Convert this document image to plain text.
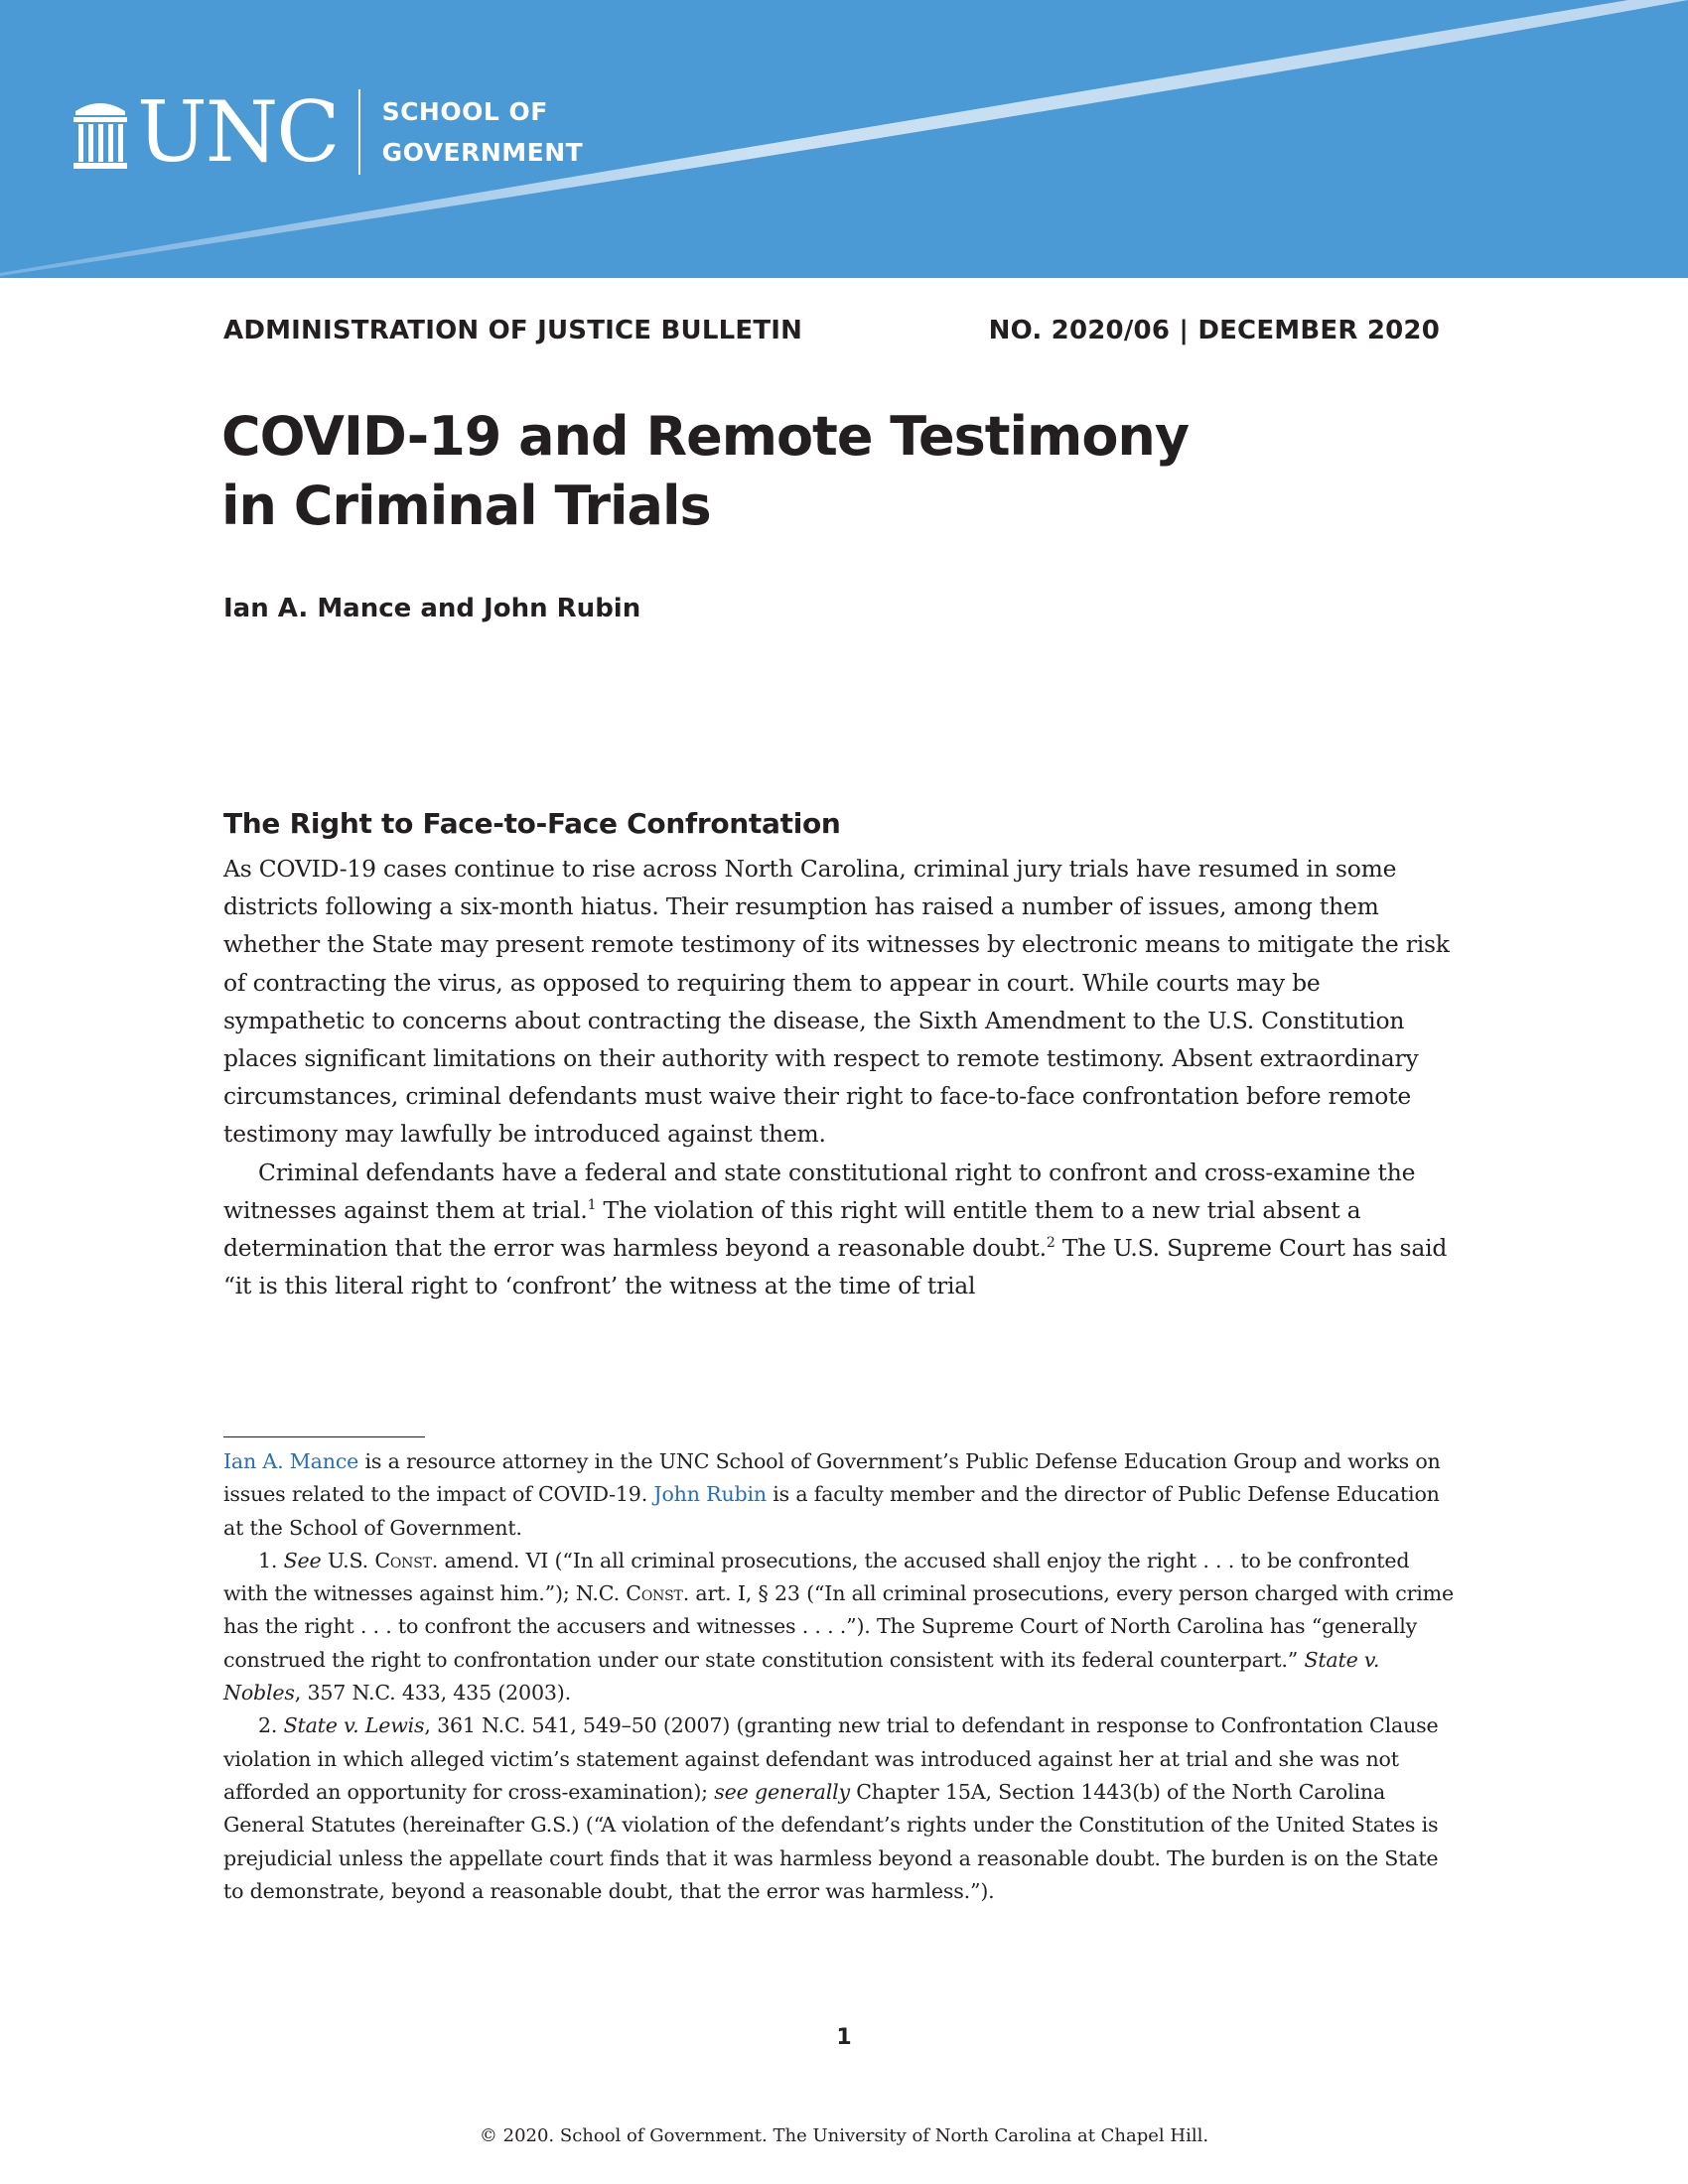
UNC SCHOOL OF
GOVERNMENT
ADMINISTRATION OF JUSTICE BULLETIN	NO. 2020/06 | DECEMBER 2020
COVID-19 and Remote Testimony
in Criminal Trials
Ian A. Mance and John Rubin
The Right to Face-to-Face Confrontation

As COVID-19 cases continue to rise across North Carolina, criminal jury trials have resumed in some districts following a six-month hiatus. Their resumption has raised a number of issues, among them whether the State may present remote testimony of its witnesses by electronic means to mitigate the risk of contracting the virus, as opposed to requiring them to appear in court. While courts may be sympathetic to concerns about contracting the disease, the Sixth Amendment to the U.S. Constitution places significant limitations on their authority with respect to remote testimony. Absent extraordinary circumstances, criminal defendants must waive their right to face-to-face confrontation before remote testimony may lawfully be introduced against them.

Criminal defendants have a federal and state constitutional right to confront and cross-examine the witnesses against them at trial.$^1$ The violation of this right will entitle them to a new trial absent a determination that the error was harmless beyond a reasonable doubt.$^2$ The U.S. Supreme Court has said “it is this literal right to ‘confront’ the witness at the time of trial

Ian A. Mance is a resource attorney in the UNC School of Government’s Public Defense Education Group and works on issues related to the impact of COVID-19. John Rubin is a faculty member and the director of Public Defense Education at the School of Government.

1. See U.S. Const. amend. VI (“In all criminal prosecutions, the accused shall enjoy the right . . . to be confronted with the witnesses against him.”); N.C. Const. art. I, § 23 (“In all criminal prosecutions, every person charged with crime has the right . . . to confront the accusers and witnesses . . . .”). The Supreme Court of North Carolina has “generally construed the right to confrontation under our state constitution consistent with its federal counterpart.” State v. Nobles, 357 N.C. 433, 435 (2003).

2. State v. Lewis, 361 N.C. 541, 549–50 (2007) (granting new trial to defendant in response to Confrontation Clause violation in which alleged victim’s statement against defendant was introduced against her at trial and she was not afforded an opportunity for cross-examination); see generally Chapter 15A, Section 1443(b) of the North Carolina General Statutes (hereinafter G.S.) (“A violation of the defendant’s rights under the Constitution of the United States is prejudicial unless the appellate court finds that it was harmless beyond a reasonable doubt. The burden is on the State to demonstrate, beyond a reasonable doubt, that the error was harmless.”).

1
© 2020. School of Government. The University of North Carolina at Chapel Hill.
